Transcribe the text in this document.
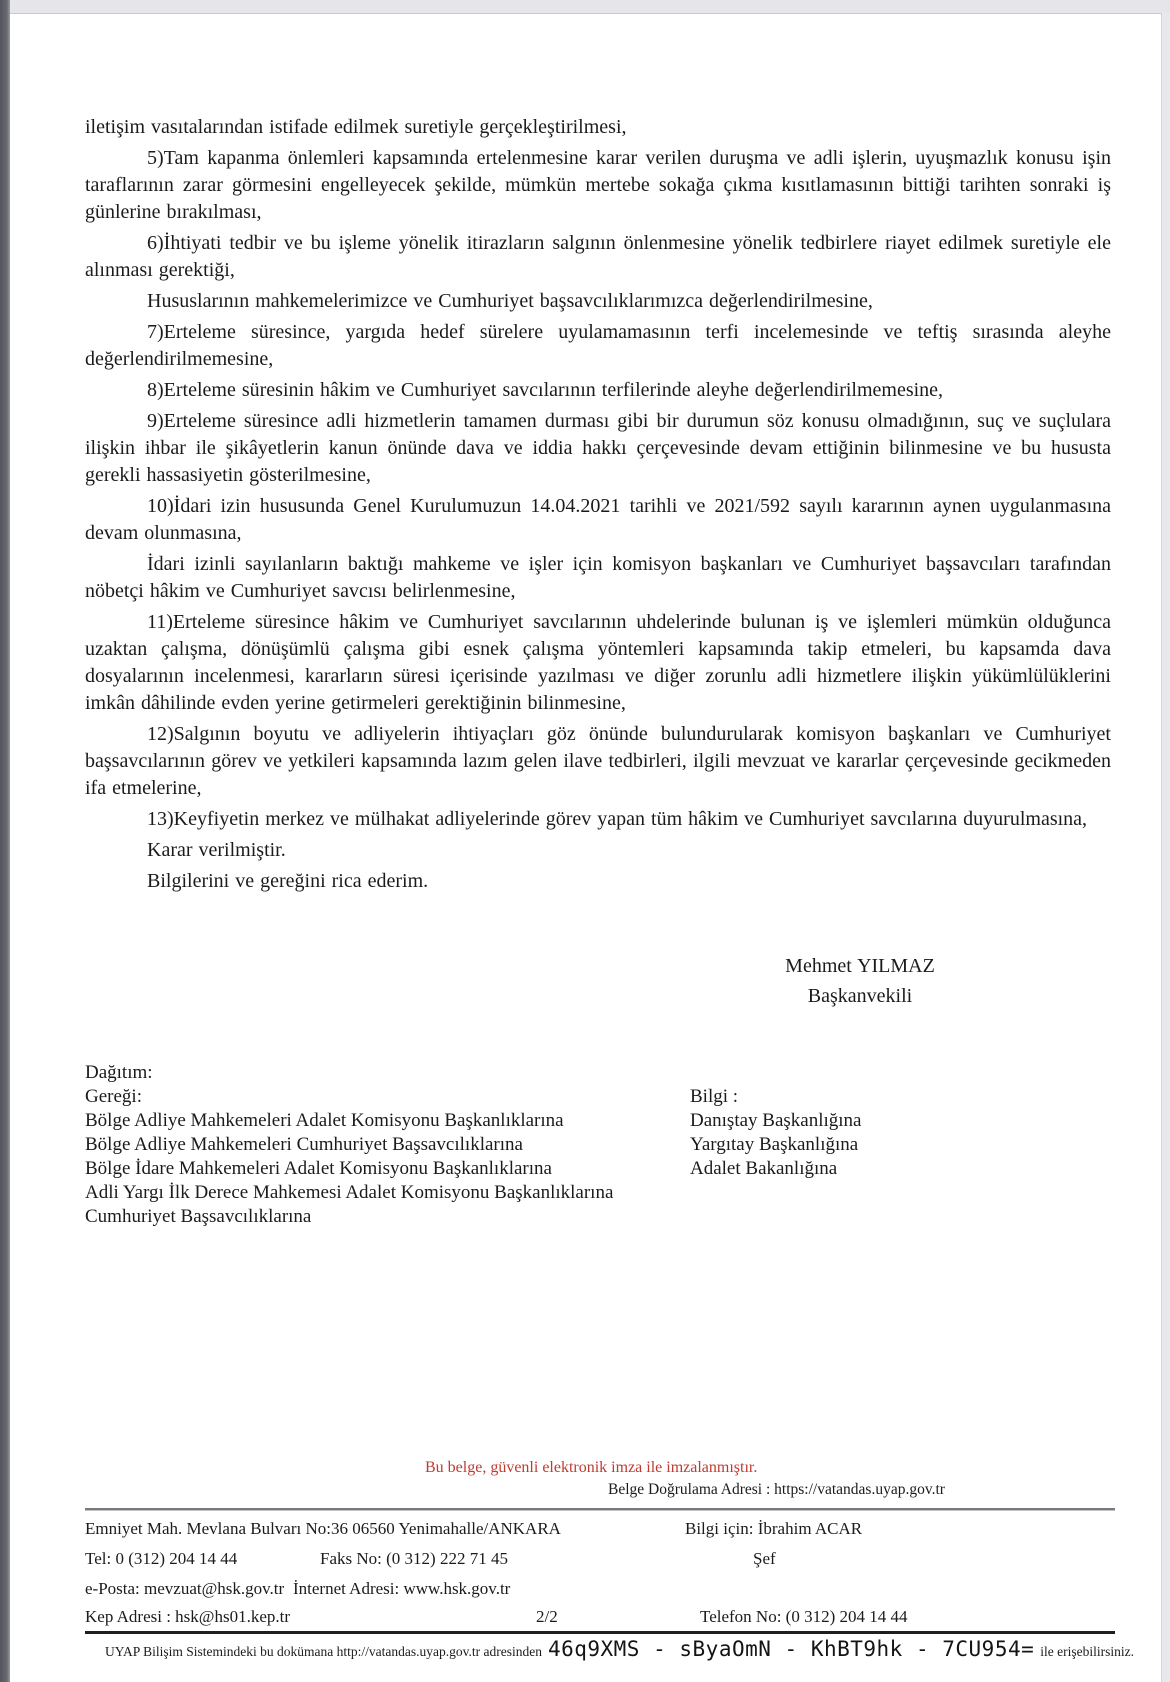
iletişim vasıtalarından istifade edilmek suretiyle gerçekleştirilmesi,
5)Tam kapanma önlemleri kapsamında ertelenmesine karar verilen duruşma ve adli işlerin, uyuşmazlık konusu işin taraflarının zarar görmesini engelleyecek şekilde, mümkün mertebe sokağa çıkma kısıtlamasının bittiği tarihten sonraki iş günlerine bırakılması,
6)İhtiyati tedbir ve bu işleme yönelik itirazların salgının önlenmesine yönelik tedbirlere riayet edilmek suretiyle ele alınması gerektiği,
Hususlarının mahkemelerimizce ve Cumhuriyet başsavcılıklarımızca değerlendirilmesine,
7)Erteleme süresince, yargıda hedef sürelere uyulamamasının terfi incelemesinde ve teftiş sırasında aleyhe değerlendirilmemesine,
8)Erteleme süresinin hâkim ve Cumhuriyet savcılarının terfilerinde aleyhe değerlendirilmemesine,
9)Erteleme süresince adli hizmetlerin tamamen durması gibi bir durumun söz konusu olmadığının, suç ve suçlulara ilişkin ihbar ile şikâyetlerin kanun önünde dava ve iddia hakkı çerçevesinde devam ettiğinin bilinmesine ve bu hususta gerekli hassasiyetin gösterilmesine,
10)İdari izin hususunda Genel Kurulumuzun 14.04.2021 tarihli ve 2021/592 sayılı kararının aynen uygulanmasına devam olunmasına,
İdari izinli sayılanların baktığı mahkeme ve işler için komisyon başkanları ve Cumhuriyet başsavcıları tarafından nöbetçi hâkim ve Cumhuriyet savcısı belirlenmesine,
11)Erteleme süresince hâkim ve Cumhuriyet savcılarının uhdelerinde bulunan iş ve işlemleri mümkün olduğunca uzaktan çalışma, dönüşümlü çalışma gibi esnek çalışma yöntemleri kapsamında takip etmeleri, bu kapsamda dava dosyalarının incelenmesi, kararların süresi içerisinde yazılması ve diğer zorunlu adli hizmetlere ilişkin yükümlülüklerini imkân dâhilinde evden yerine getirmeleri gerektiğinin bilinmesine,
12)Salgının boyutu ve adliyelerin ihtiyaçları göz önünde bulundurularak komisyon başkanları ve Cumhuriyet başsavcılarının görev ve yetkileri kapsamında lazım gelen ilave tedbirleri, ilgili mevzuat ve kararlar çerçevesinde gecikmeden ifa etmelerine,
13)Keyfiyetin merkez ve mülhakat adliyelerinde görev yapan tüm hâkim ve Cumhuriyet savcılarına duyurulmasına,
Karar verilmiştir.
Bilgilerini ve gereğini rica ederim.
Mehmet YILMAZ
Başkanvekili
Dağıtım:
Gereği:
Bölge Adliye Mahkemeleri Adalet Komisyonu Başkanlıklarına
Bölge Adliye Mahkemeleri Cumhuriyet Başsavcılıklarına
Bölge İdare Mahkemeleri Adalet Komisyonu Başkanlıklarına
Adli Yargı İlk Derece Mahkemesi Adalet Komisyonu Başkanlıklarına
Cumhuriyet Başsavcılıklarına
Bilgi :
Danıştay Başkanlığına
Yargıtay Başkanlığına
Adalet Bakanlığına
Bu belge, güvenli elektronik imza ile imzalanmıştır.
Belge Doğrulama Adresi : https://vatandas.uyap.gov.tr
Emniyet Mah. Mevlana Bulvarı No:36 06560 Yenimahalle/ANKARA	Bilgi için: İbrahim ACAR
Tel: 0 (312) 204 14 44	Faks No: (0 312) 222 71 45	Şef
e-Posta: mevzuat@hsk.gov.tr İnternet Adresi: www.hsk.gov.tr
Kep Adresi : hsk@hs01.kep.tr	2/2	Telefon No: (0 312) 204 14 44
UYAP Bilişim Sistemindeki bu dokümana http://vatandas.uyap.gov.tr adresinden 46q9XMS - sByaOmN - KhBT9hk - 7CU954= ile erişebilirsiniz.
